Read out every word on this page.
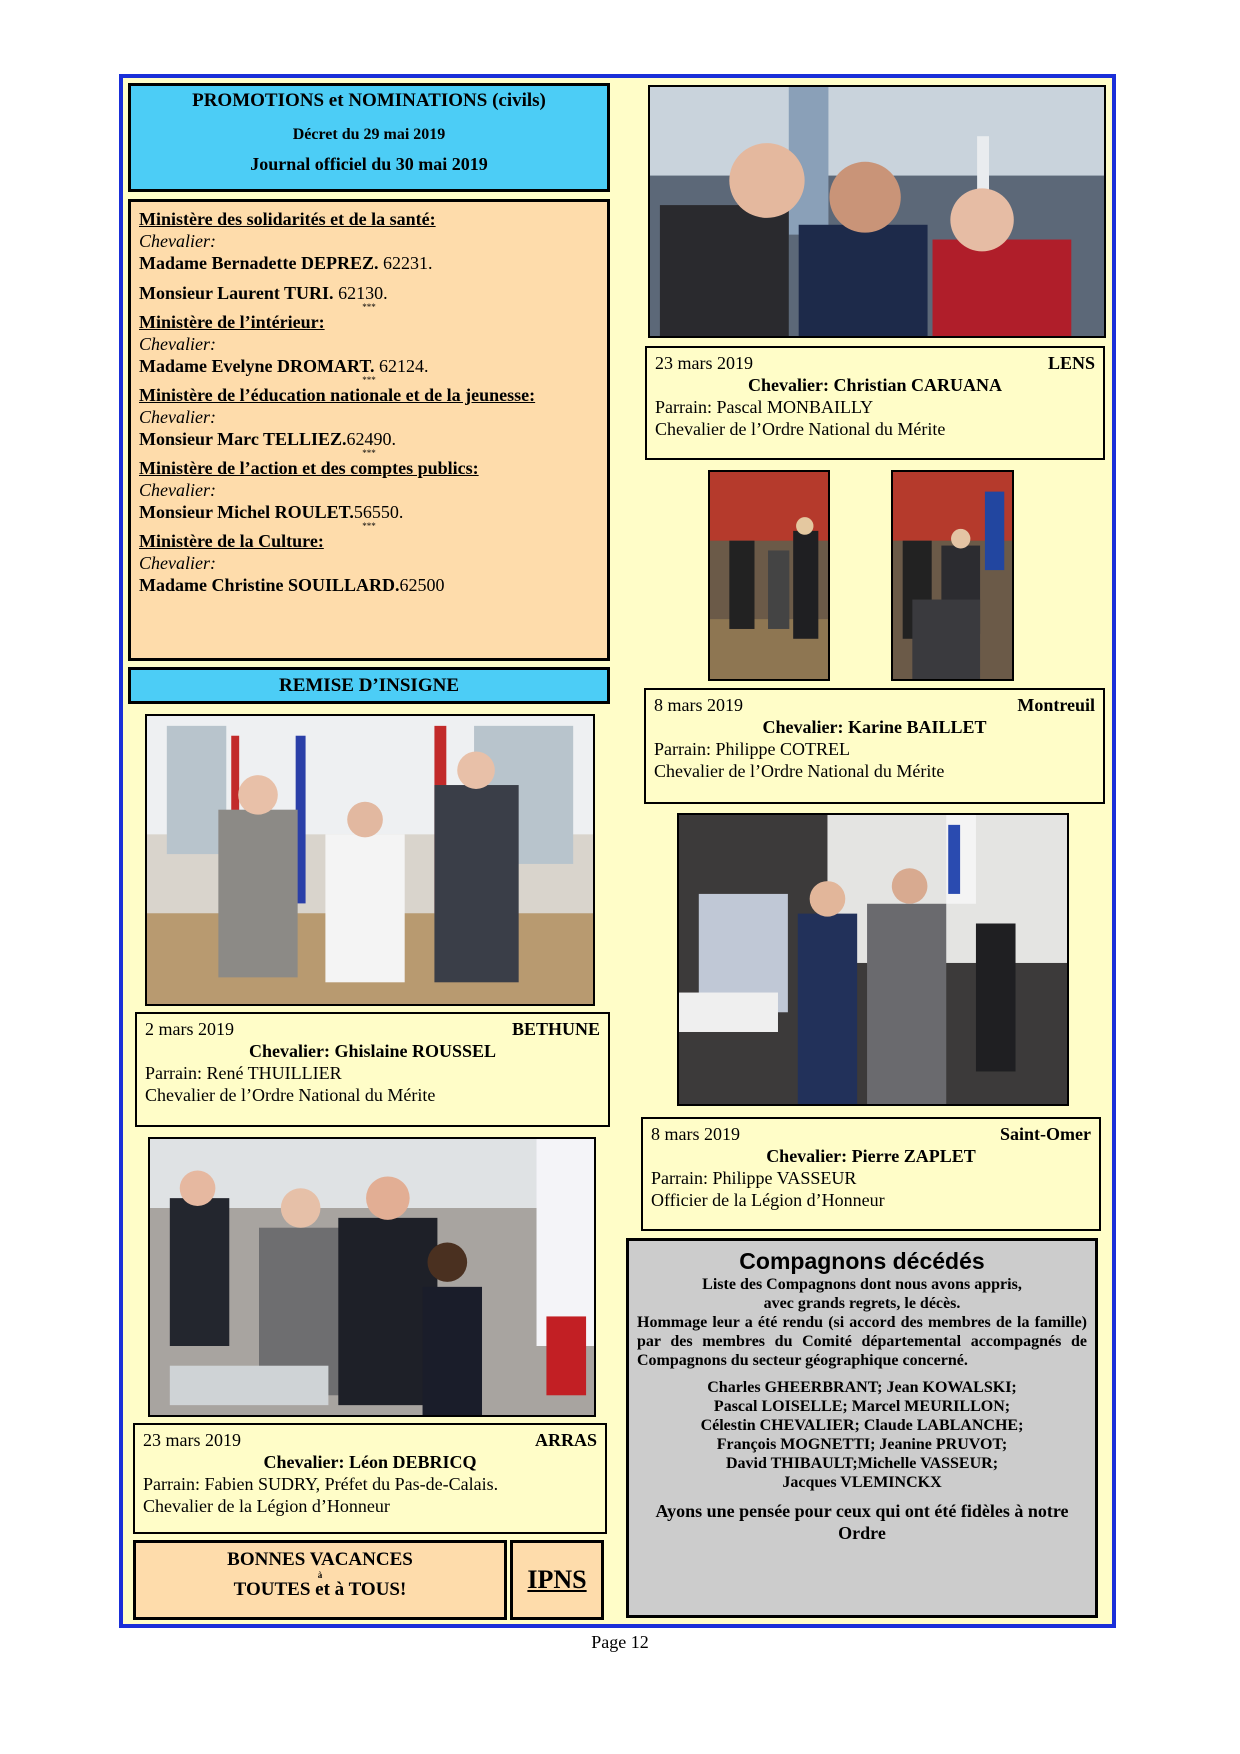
PROMOTIONS et NOMINATIONS (civils)
Décret du 29 mai 2019
Journal officiel du 30 mai 2019
Ministère des solidarités et de la santé:
Chevalier:
Madame Bernadette DEPREZ. 62231.
Monsieur Laurent TURI. 62130.
***
Ministère de l’intérieur:
Chevalier:
Madame Evelyne DROMART. 62124.
***
Ministère de l’éducation nationale et de la jeunesse:
Chevalier:
Monsieur Marc TELLIEZ.62490.
***
Ministère de l’action et des comptes publics:
Chevalier:
Monsieur Michel ROULET.56550.
***
Ministère de la Culture:
Chevalier:
Madame Christine SOUILLARD.62500
REMISE D’INSIGNE
2 mars 2019	BETHUNE
Chevalier: Ghislaine ROUSSEL
Parrain: René THUILLIER
Chevalier de l’Ordre National du Mérite
23 mars 2019	ARRAS
Chevalier: Léon DEBRICQ
Parrain: Fabien SUDRY, Préfet du Pas-de-Calais.
Chevalier de la Légion d’Honneur
BONNES VACANCES
à
TOUTES et à TOUS!	IPNS
23 mars 2019	LENS
Chevalier: Christian CARUANA
Parrain: Pascal MONBAILLY
Chevalier de l’Ordre National du Mérite
8 mars 2019	Montreuil
Chevalier: Karine BAILLET
Parrain: Philippe COTREL
Chevalier de l’Ordre National du Mérite
8 mars 2019	Saint-Omer
Chevalier: Pierre ZAPLET
Parrain: Philippe VASSEUR
Officier de la Légion d’Honneur
Compagnons décédés
Liste des Compagnons dont nous avons appris,
avec grands regrets, le décès.
Hommage leur a été rendu (si accord des membres de la famille) par des membres du Comité départemental accompagnés de Compagnons du secteur géographique concerné.
Charles GHEERBRANT; Jean KOWALSKI;
Pascal LOISELLE; Marcel MEURILLON;
Célestin CHEVALIER; Claude LABLANCHE;
François MOGNETTI; Jeanine PRUVOT;
David THIBAULT;Michelle VASSEUR;
Jacques VLEMINCKX
Ayons une pensée pour ceux qui ont été fidèles à notre Ordre
Page 12
